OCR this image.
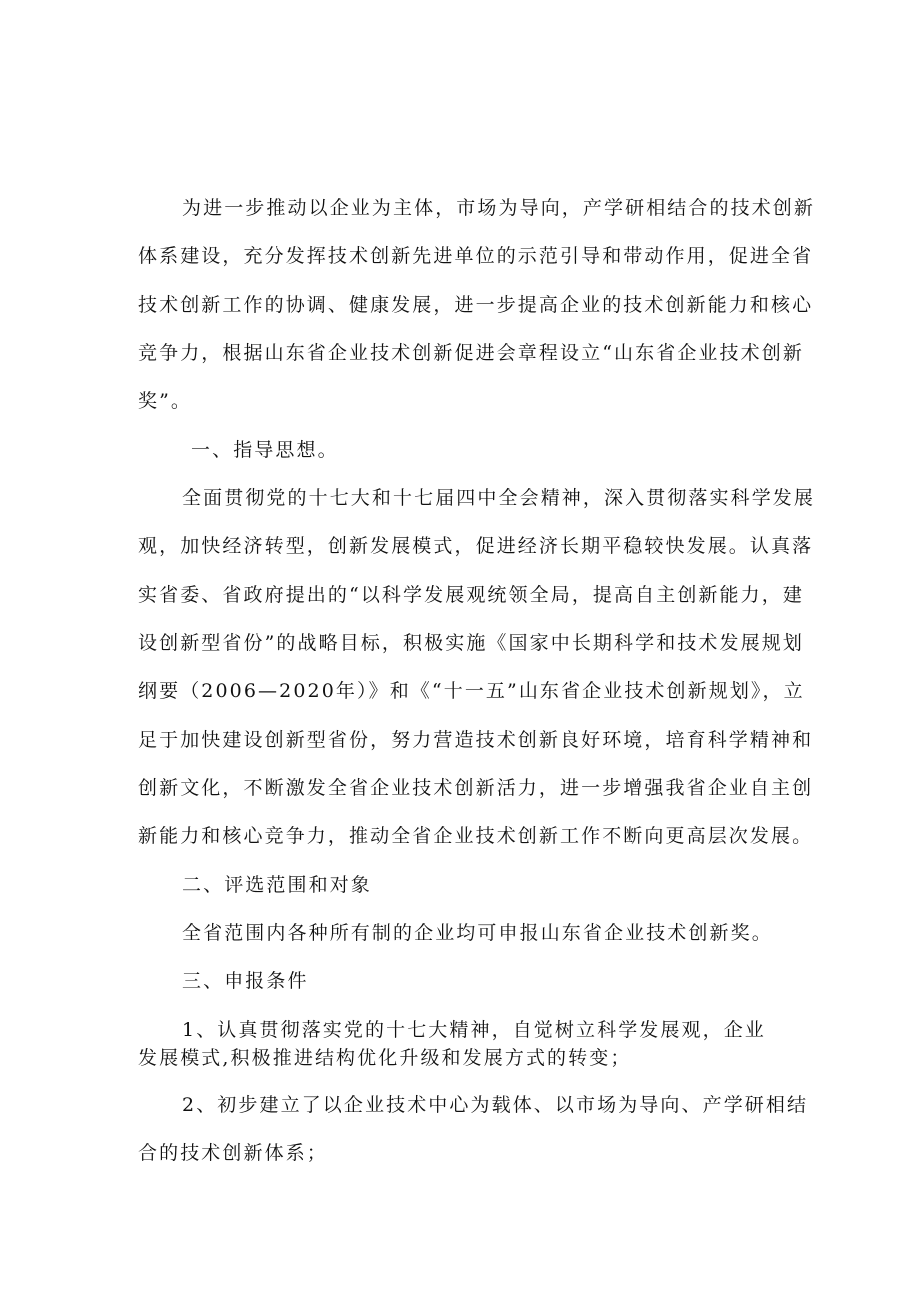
为进一步推动以企业为主体，市场为导向，产学研相结合的技术创新

体系建设，充分发挥技术创新先进单位的示范引导和带动作用，促进全省

技术创新工作的协调、健康发展，进一步提高企业的技术创新能力和核心

竞争力，根据山东省企业技术创新促进会章程设立“山东省企业技术创新

奖”。

一、指导思想。

全面贯彻党的十七大和十七届四中全会精神，深入贯彻落实科学发展

观，加快经济转型，创新发展模式，促进经济长期平稳较快发展。认真落

实省委、省政府提出的“以科学发展观统领全局，提高自主创新能力，建

设创新型省份”的战略目标，积极实施《国家中长期科学和技术发展规划

纲要（2006—2020年）》和《“十一五”山东省企业技术创新规划》，立

足于加快建设创新型省份，努力营造技术创新良好环境，培育科学精神和

创新文化，不断激发全省企业技术创新活力，进一步增强我省企业自主创

新能力和核心竞争力，推动全省企业技术创新工作不断向更高层次发展。

二、评选范围和对象

全省范围内各种所有制的企业均可申报山东省企业技术创新奖。

三、申报条件

1、认真贯彻落实党的十七大精神，自觉树立科学发展观，企业

发展模式,积极推进结构优化升级和发展方式的转变；

2、初步建立了以企业技术中心为载体、以市场为导向、产学研相结

合的技术创新体系；
